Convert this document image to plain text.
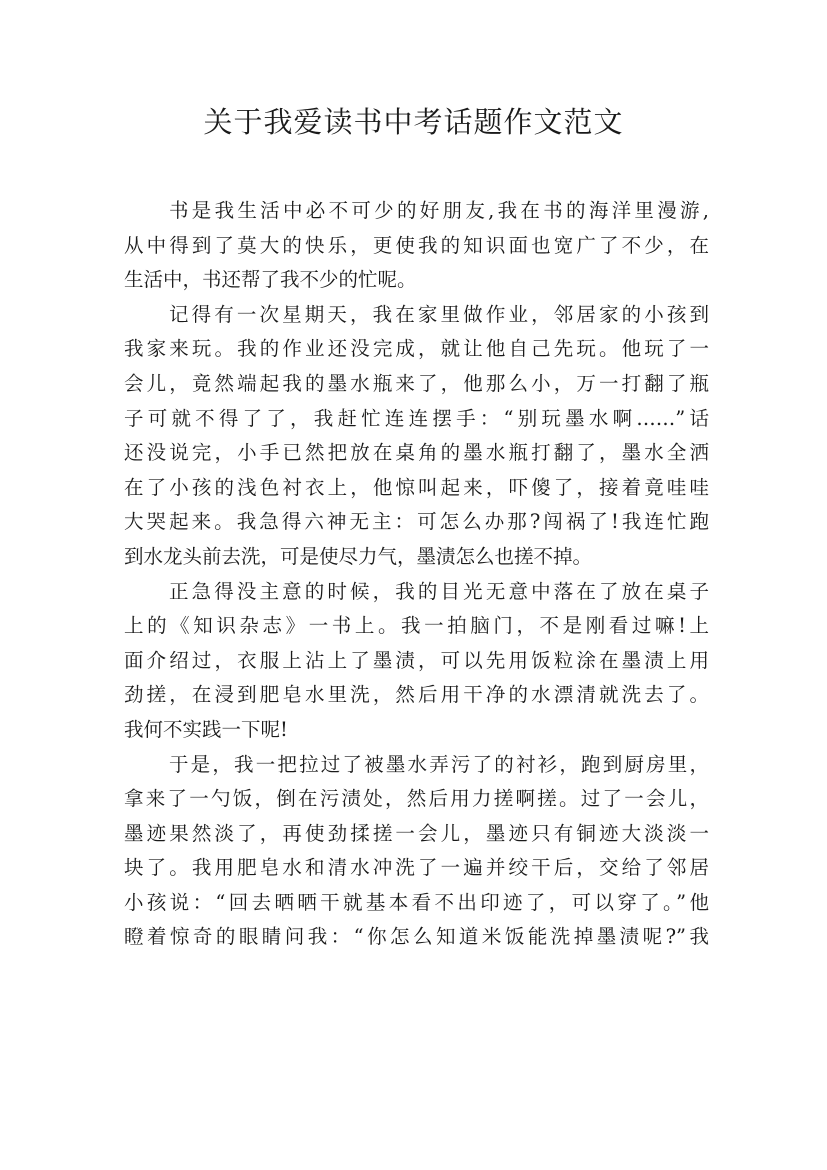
关于我爱读书中考话题作文范文
书是我生活中必不可少的好朋友,我在书的海洋里漫游,
从中得到了莫大的快乐，更使我的知识面也宽广了不少，在
生活中，书还帮了我不少的忙呢。
记得有一次星期天，我在家里做作业，邻居家的小孩到
我家来玩。我的作业还没完成，就让他自己先玩。他玩了一
会儿，竟然端起我的墨水瓶来了，他那么小，万一打翻了瓶
子可就不得了了，我赶忙连连摆手：“别玩墨水啊……”话
还没说完，小手已然把放在桌角的墨水瓶打翻了，墨水全洒
在了小孩的浅色衬衣上，他惊叫起来，吓傻了，接着竟哇哇
大哭起来。我急得六神无主：可怎么办那?闯祸了!我连忙跑
到水龙头前去洗，可是使尽力气，墨渍怎么也搓不掉。
正急得没主意的时候，我的目光无意中落在了放在桌子
上的《知识杂志》一书上。我一拍脑门，不是刚看过嘛!上
面介绍过，衣服上沾上了墨渍，可以先用饭粒涂在墨渍上用
劲搓，在浸到肥皂水里洗，然后用干净的水漂清就洗去了。
我何不实践一下呢!
于是，我一把拉过了被墨水弄污了的衬衫，跑到厨房里，
拿来了一勺饭，倒在污渍处，然后用力搓啊搓。过了一会儿，
墨迹果然淡了，再使劲揉搓一会儿，墨迹只有铜迹大淡淡一
块了。我用肥皂水和清水冲洗了一遍并绞干后，交给了邻居
小孩说：“回去晒晒干就基本看不出印迹了，可以穿了。”他
瞪着惊奇的眼睛问我：“你怎么知道米饭能洗掉墨渍呢?”我
